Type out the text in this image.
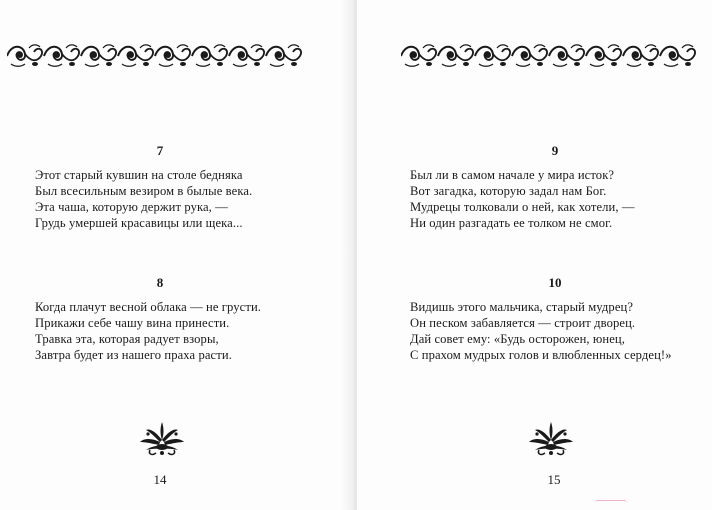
7
Этот старый кувшин на столе бедняка
Был всесильным везиром в былые века.
Эта чаша, которую держит рука, —
Грудь умершей красавицы или щека...
8
Когда плачут весной облака — не грусти.
Прикажи себе чашу вина принести.
Травка эта, которая радует взоры,
Завтра будет из нашего праха расти.
14
9
Был ли в самом начале у мира исток?
Вот загадка, которую задал нам Бог.
Мудрецы толковали о ней, как хотели, —
Ни один разгадать ее толком не смог.
10
Видишь этого мальчика, старый мудрец?
Он песком забавляется — строит дворец.
Дай совет ему: «Будь осторожен, юнец,
С прахом мудрых голов и влюбленных сердец!»
15
